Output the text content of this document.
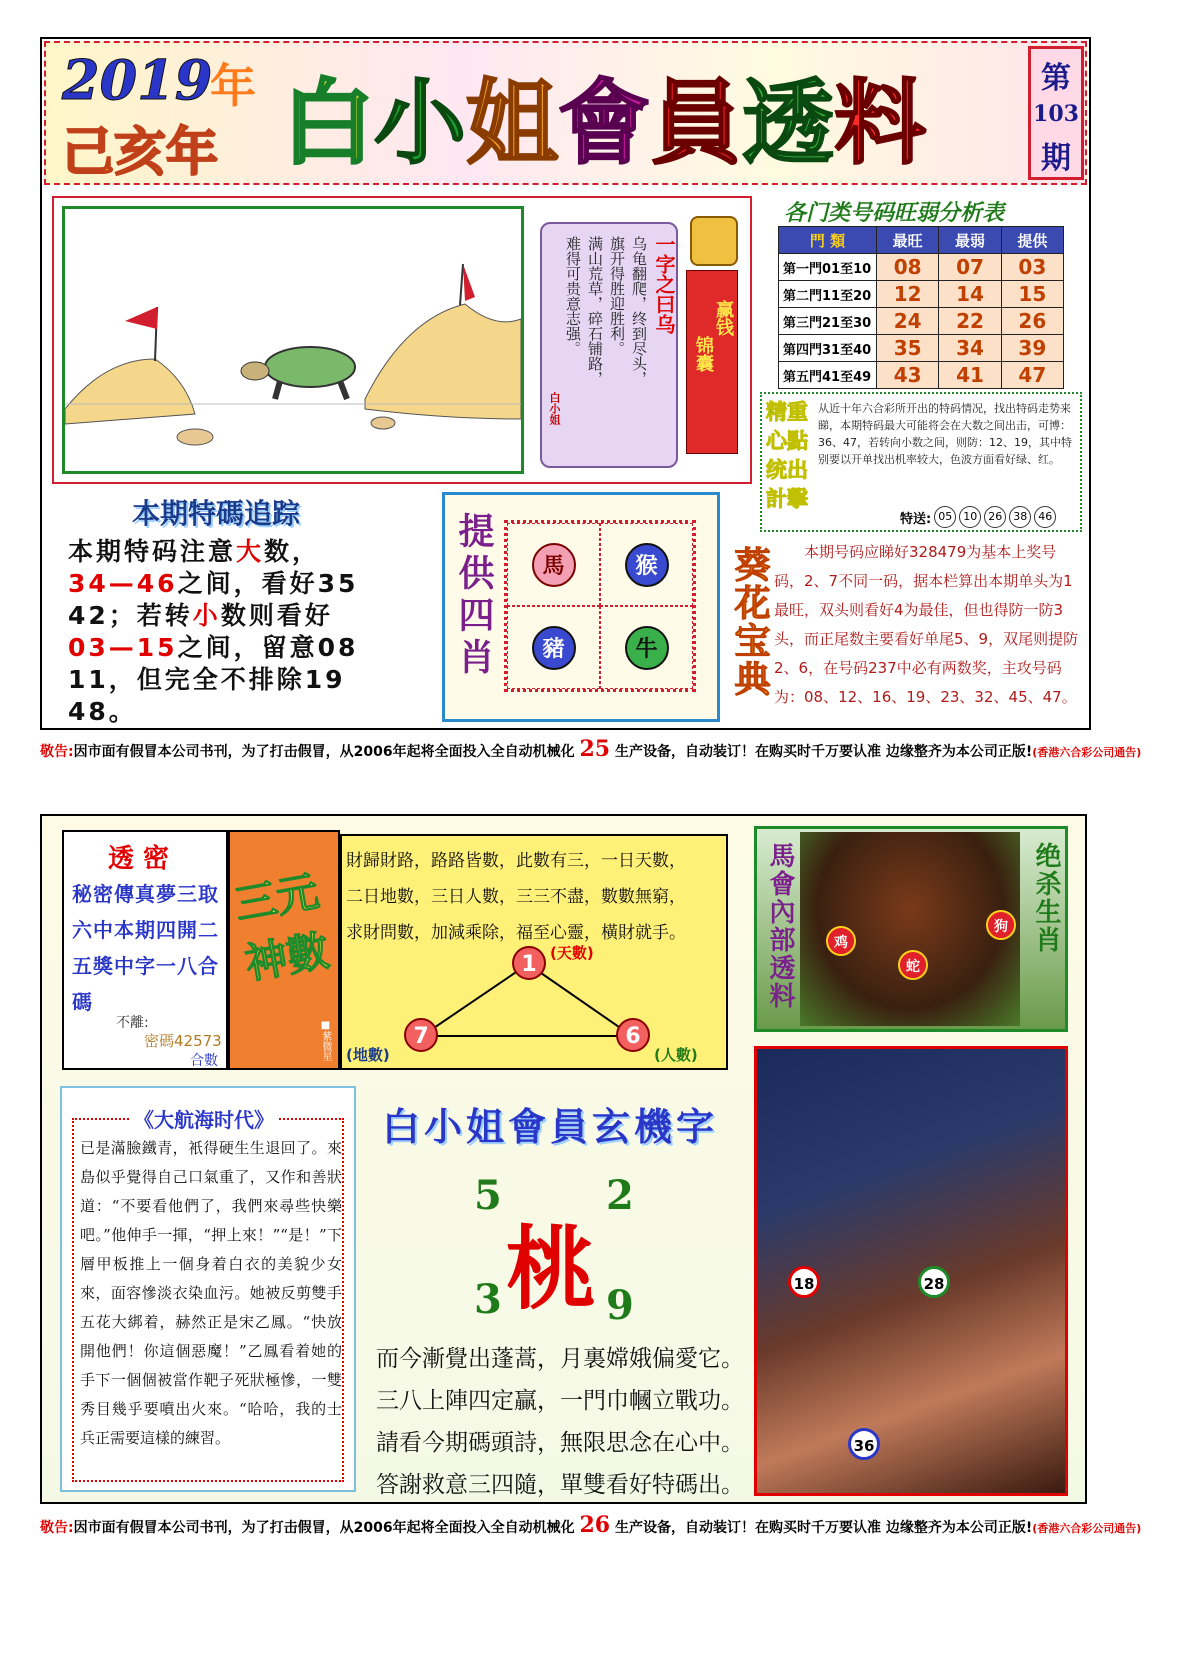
2019
年
己亥年 白 小 姐 會 員 透 料	第
103
期
一字之曰乌
乌龟翻爬，终到尽头，
旗开得胜迎胜利。
满山荒草，碎石铺路，
难得可贵意志强。
白小姐
赢钱
锦囊
各门类号码旺弱分析表
門 類	最旺	最弱	提供
第一門01至10	08	07	03
第二門11至20	12	14	15
第三門21至30	24	22	26
第四門31至40	35	34	39
第五門41至49	43	41	47
精重心點统出計擊
从近十年六合彩所开出的特码情况，找出特码走势来睇，本期特码最大可能将会在大数之间出击，可博：36、47，若转向小数之间，则防：12、19，其中特别要以开单找出机率较大，色波方面看好绿、红。
特送: 05	10	26	38	46
本期特碼追踪
本期特码注意大数，
34—46之间，看好35
42；若转小数则看好
03—15之间，留意08
11，但完全不排除19
48。
提供四肖	馬	猴
豬	牛	葵花宝典	本期号码应睇好328479为基本上奖号码，2、7不同一码，据本栏算出本期单头为1最旺，双头则看好4为最佳，但也得防一防3头，而正尾数主要看好单尾5、9，双尾则提防2、6，在号码237中必有两数奖，主攻号码为：08、12、16、19、23、32、45、47。
敬告:因市面有假冒本公司书刊，为了打击假冒，从2006年起将全面投入全自动机械化 25 生产设备，自动装订！在购买时千万要认准 边缘整齐为本公司正版!(香港六合彩公司通告)
透 密
秘密傳真夢三取六中本期四開二五獎中字一八合碼
不離:
密碼42573
合數
三元神數
■紫微星
財歸財路，路路皆數，此數有三，一日天數，
二日地數，三日人數，三三不盡，數數無窮，
求財問數，加減乘除，福至心靈，橫財就手。
1 (天數)
7
(地數)
6
(人數)
馬會內部透料	绝杀生肖
鸡
蛇
狗
《大航海时代》
已是滿臉鐵青，衹得硬生生退回了。來島似乎覺得自己口氣重了，又作和善狀道：“不要看他們了，我們來尋些快樂吧。”他伸手一揮，“押上來！”“是！”下層甲板推上一個身着白衣的美貌少女來，面容慘淡衣染血污。她被反剪雙手五花大綁着，赫然正是宋乙鳳。“快放開他們！你這個惡魔！”乙鳳看着她的手下一個個被當作靶子死狀極慘，一雙秀目幾乎要噴出火來。“哈哈，我的士兵正需要這樣的練習。
白小姐會員玄機字
5	2
桃
3	9
而今漸覺出蓬蒿，月裏嫦娥偏愛它。
三八上陣四定贏，一門巾幗立戰功。
請看今期碼頭詩，無限思念在心中。
答謝救意三四隨，單雙看好特碼出。
18	28
36
敬告:因市面有假冒本公司书刊，为了打击假冒，从2006年起将全面投入全自动机械化 26 生产设备，自动装订！在购买时千万要认准 边缘整齐为本公司正版!(香港六合彩公司通告)
